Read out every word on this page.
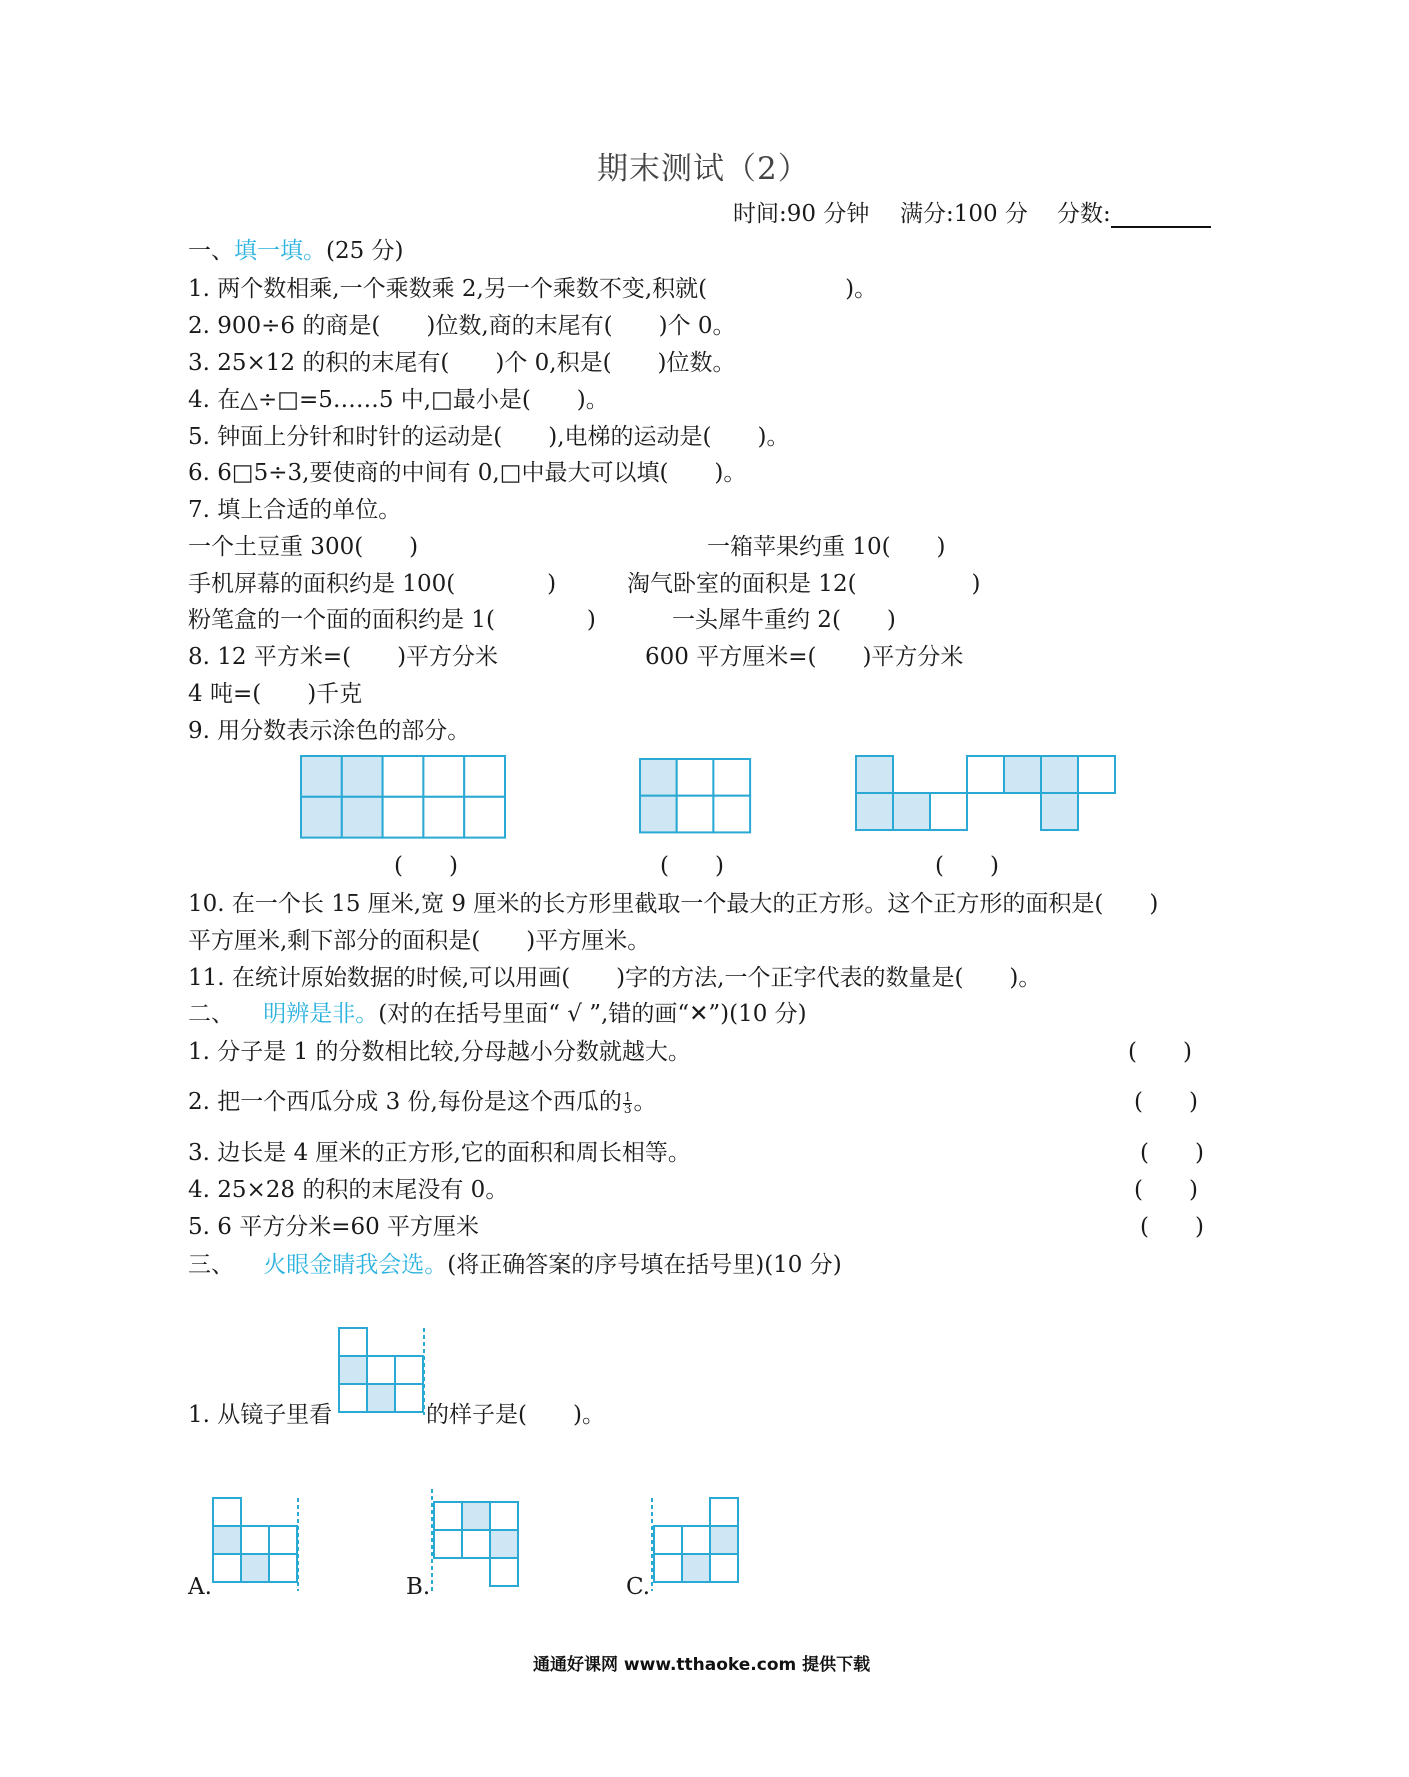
期末测试（2）
时间:90 分钟 满分:100 分 分数:
一、填一填。(25 分)
1. 两个数相乘,一个乘数乘 2,另一个乘数不变,积就(　　　　　　)。
2. 900÷6 的商是(　　)位数,商的末尾有(　　)个 0。
3. 25×12 的积的末尾有(　　)个 0,积是(　　)位数。
4. 在△÷□=5……5 中,□最小是(　　)。
5. 钟面上分针和时针的运动是(　　),电梯的运动是(　　)。
6. 6□5÷3,要使商的中间有 0,□中最大可以填(　　)。
7. 填上合适的单位。
一个土豆重 300(　　)	一箱苹果约重 10(　　)
手机屏幕的面积约是 100(　　　　)	淘气卧室的面积是 12(　　　　　)
粉笔盒的一个面的面积约是 1(　　　　)	一头犀牛重约 2(　　)
8. 12 平方米=(　　)平方分米	600 平方厘米=(　　)平方分米
4 吨=(　　)千克
9. 用分数表示涂色的部分。
(　　)	(　　)	(　　)
10. 在一个长 15 厘米,宽 9 厘米的长方形里截取一个最大的正方形。这个正方形的面积是(　　)
平方厘米,剩下部分的面积是(　　)平方厘米。
11. 在统计原始数据的时候,可以用画(　　)字的方法,一个正字代表的数量是(　　)。
二、 明辨是非。(对的在括号里面“ √ ”,错的画“✕”)(10 分)
1. 分子是 1 的分数相比较,分母越小分数就越大。	(　　)
2. 把一个西瓜分成 3 份,每份是这个西瓜的 $\frac{1}{3}$ 。	(　　)
3. 边长是 4 厘米的正方形,它的面积和周长相等。	(　　)
4. 25×28 的积的末尾没有 0。	(　　)
5. 6 平方分米=60 平方厘米	(　　)
三、 火眼金睛我会选。(将正确答案的序号填在括号里)(10 分)
1. 从镜子里看	的样子是(　　)。
A.	B.	C.
通通好课网 www.tthaoke.com 提供下载
